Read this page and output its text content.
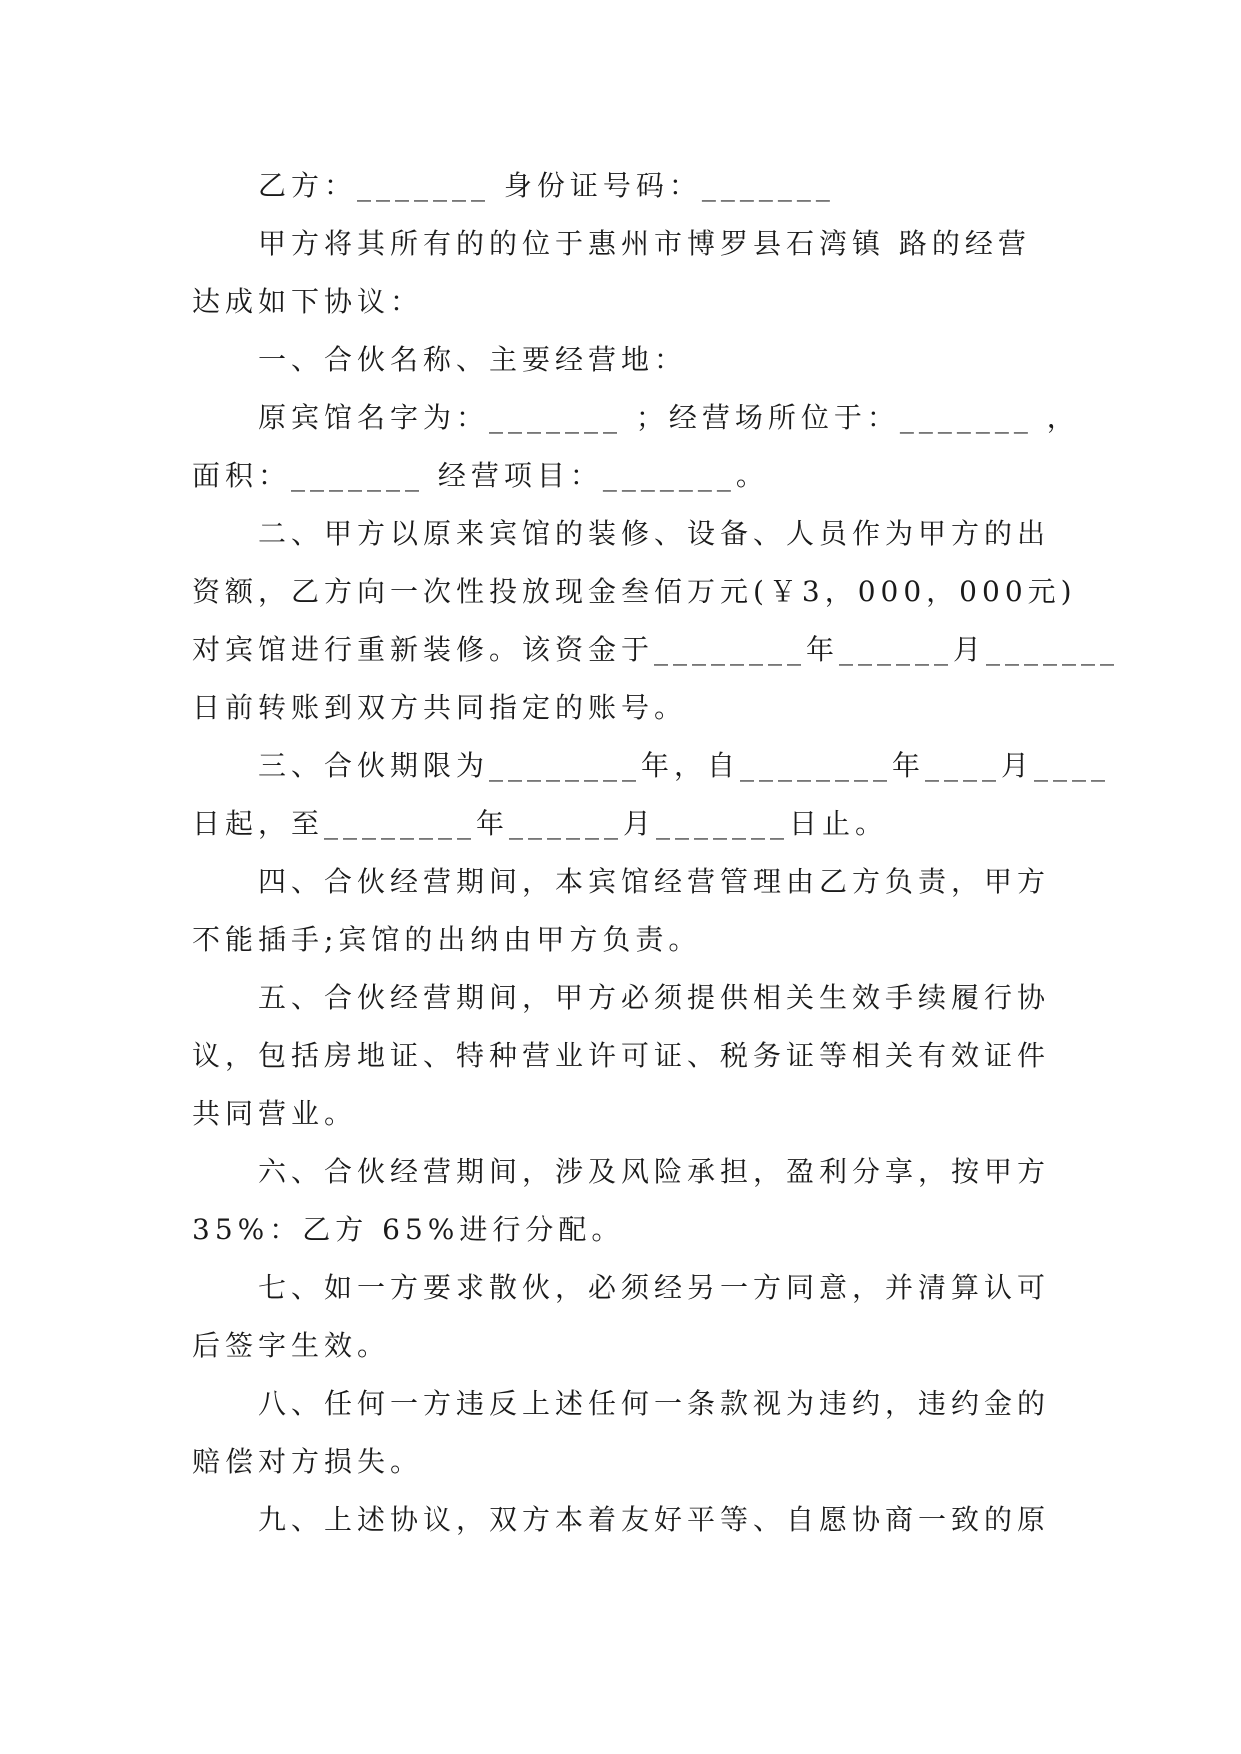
乙方：_______ 身份证号码：_______
甲方将其所有的的位于惠州市博罗县石湾镇 路的经营
达成如下协议：
一、合伙名称、主要经营地：
原宾馆名字为：_______ ；经营场所位于：_______ ，
面积：_______ 经营项目：_______。
二、甲方以原来宾馆的装修、设备、人员作为甲方的出
资额，乙方向一次性投放现金叁佰万元(￥3，000，000元)
对宾馆进行重新装修。该资金于________年______月_______
日前转账到双方共同指定的账号。
三、合伙期限为________年，自________年____月____
日起，至________年______月_______日止。
四、合伙经营期间，本宾馆经营管理由乙方负责，甲方
不能插手;宾馆的出纳由甲方负责。
五、合伙经营期间，甲方必须提供相关生效手续履行协
议，包括房地证、特种营业许可证、税务证等相关有效证件
共同营业。
六、合伙经营期间，涉及风险承担，盈利分享，按甲方
35%：乙方 65%进行分配。
七、如一方要求散伙，必须经另一方同意，并清算认可
后签字生效。
八、任何一方违反上述任何一条款视为违约，违约金的
赔偿对方损失。
九、上述协议，双方本着友好平等、自愿协商一致的原
